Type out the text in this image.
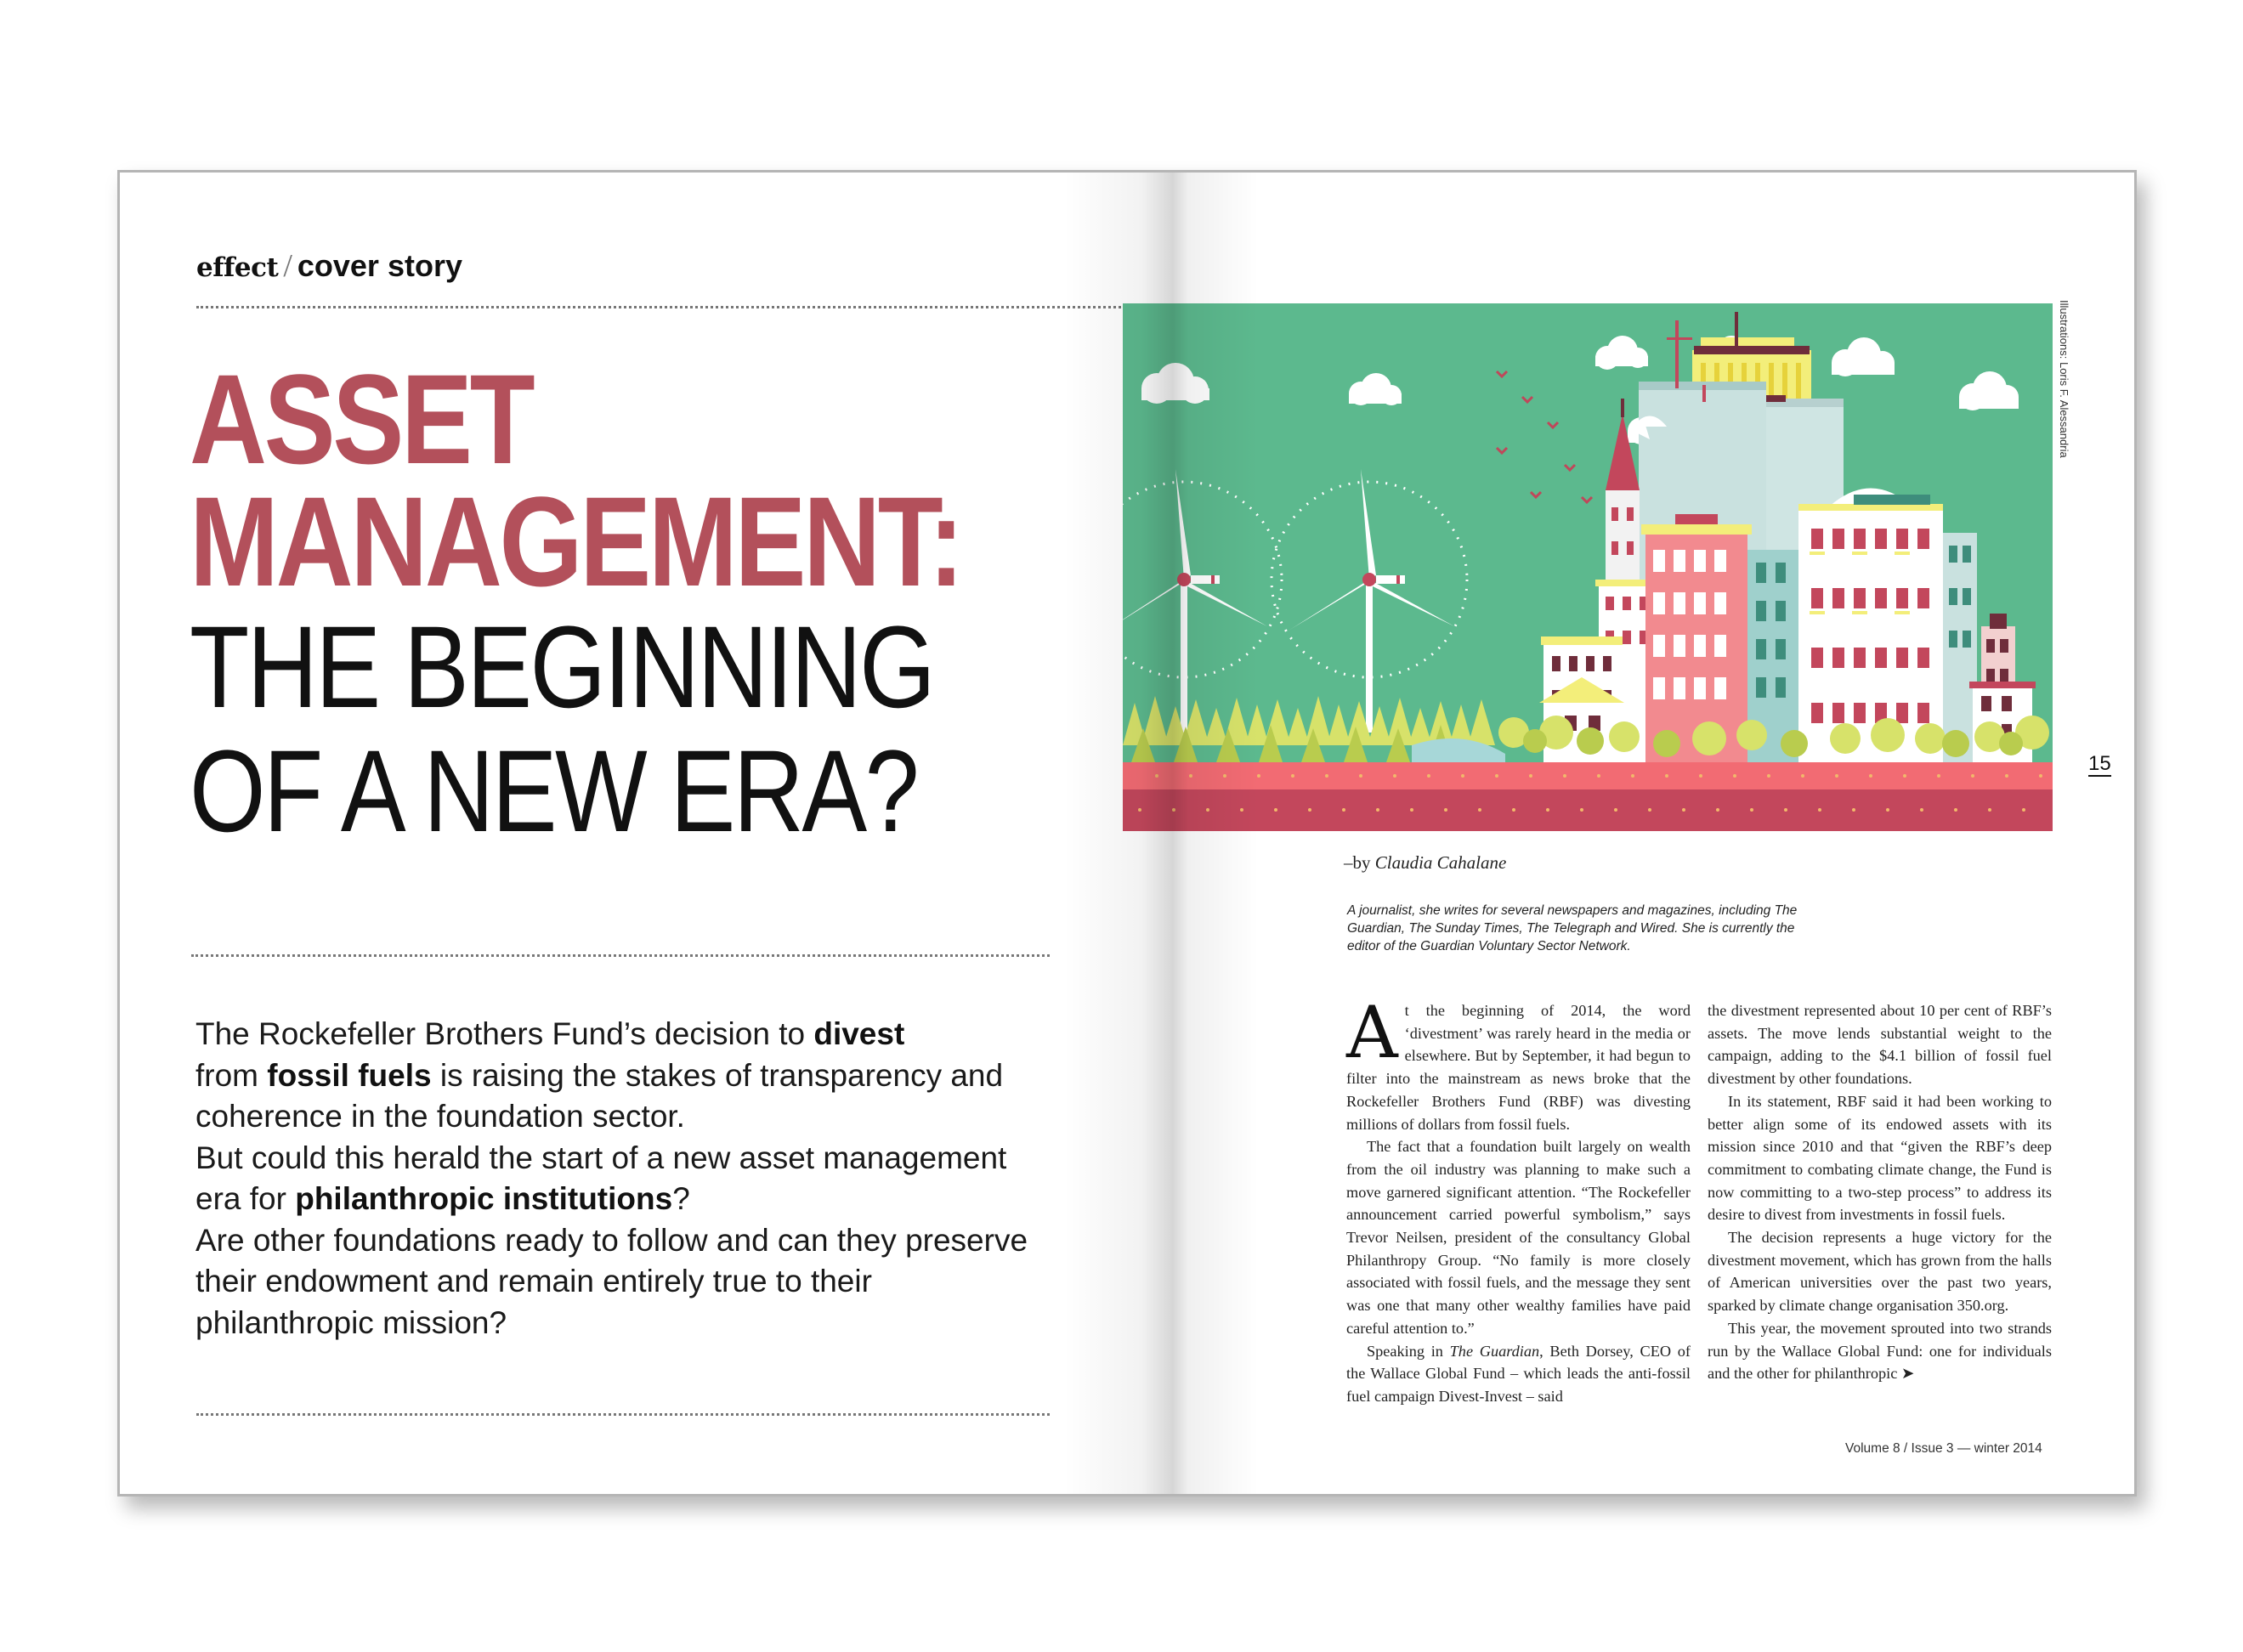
effect / cover story
ASSET
MANAGEMENT:
THE BEGINNING
OF A NEW ERA?
The Rockefeller Brothers Fund’s decision to divest
from fossil fuels is raising the stakes of transparency and coherence in the foundation sector.
But could this herald the start of a new asset management era for philanthropic institutions?
Are other foundations ready to follow and can they preserve their endowment and remain entirely true to their philanthropic mission?
Illustrations: Loris F. Alessandria
15
–by Claudia Cahalane
A journalist, she writes for several newspapers and magazines, including The Guardian, The Sunday Times, The Telegraph and Wired. She is currently the editor of the Guardian Voluntary Sector Network.

At the beginning of 2014, the word ‘divestment’ was rarely heard in the media or elsewhere. But by September, it had begun to filter into the mainstream as news broke that the Rockefeller Brothers Fund (RBF) was divesting millions of dollars from fossil fuels.

The fact that a foundation built largely on wealth from the oil industry was planning to make such a move garnered significant attention. “The Rockefeller announcement carried powerful symbolism,” says Trevor Neilsen, president of the consultancy Global Philanthropy Group. “No family is more closely associated with fossil fuels, and the message they sent was one that many other wealthy families have paid careful attention to.”

Speaking in The Guardian, Beth Dorsey, CEO of the Wallace Global Fund – which leads the anti-fossil fuel campaign Divest-Invest – said

the divestment represented about 10 per cent of RBF’s assets. The move lends substantial weight to the campaign, adding to the $4.1 billion of fossil fuel divestment by other foundations.

In its statement, RBF said it had been working to better align some of its endowed assets with its mission since 2010 and that “given the RBF’s deep commitment to combating climate change, the Fund is now committing to a two-step process” to address its desire to divest from investments in fossil fuels.

The decision represents a huge victory for the divestment movement, which has grown from the halls of American universities over the past two years, sparked by climate change organisation 350.org.

This year, the movement sprouted into two strands run by the Wallace Global Fund: one for individuals and the other for philanthropic ➤

Volume 8 / Issue 3 — winter 2014
